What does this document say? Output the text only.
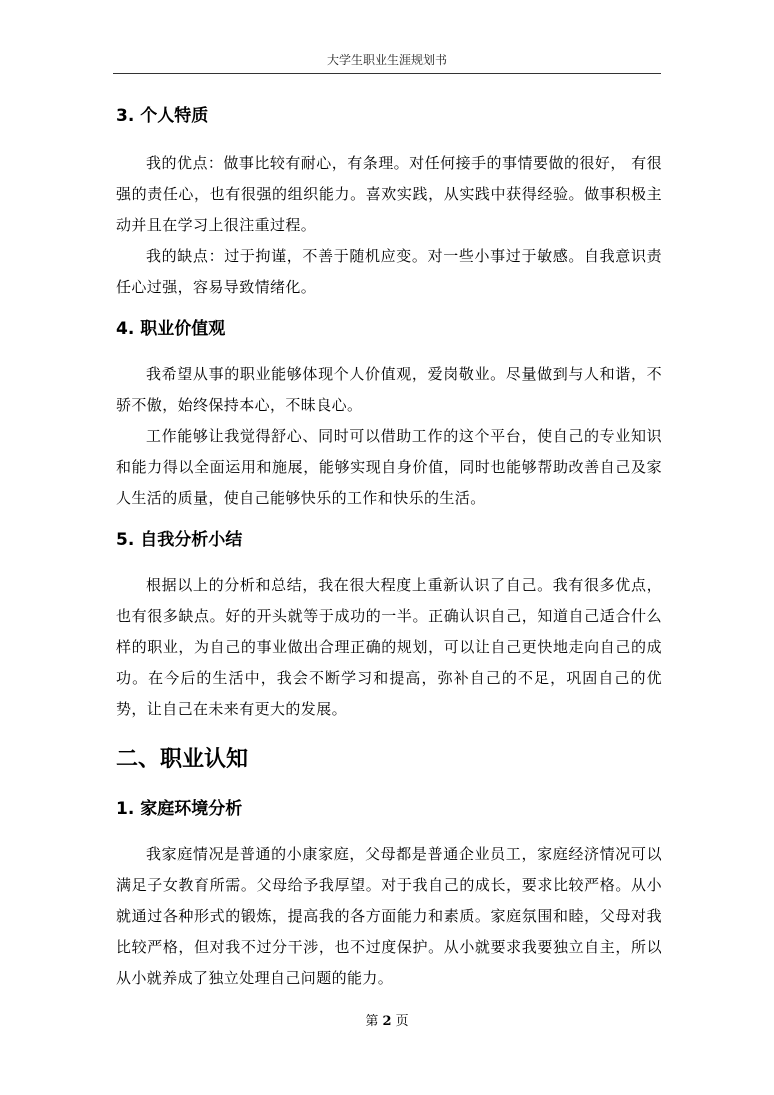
大学生职业生涯规划书
3. 个人特质

我的优点：做事比较有耐心，有条理。对任何接手的事情要做的很好， 有很强的责任心，也有很强的组织能力。喜欢实践，从实践中获得经验。做事积极主动并且在学习上很注重过程。

我的缺点：过于拘谨，不善于随机应变。对一些小事过于敏感。自我意识责任心过强，容易导致情绪化。

4. 职业价值观

我希望从事的职业能够体现个人价值观，爱岗敬业。尽量做到与人和谐，不骄不傲，始终保持本心，不昧良心。

工作能够让我觉得舒心、同时可以借助工作的这个平台，使自己的专业知识和能力得以全面运用和施展，能够实现自身价值，同时也能够帮助改善自己及家人生活的质量，使自己能够快乐的工作和快乐的生活。

5. 自我分析小结

根据以上的分析和总结，我在很大程度上重新认识了自己。我有很多优点，也有很多缺点。好的开头就等于成功的一半。正确认识自己，知道自己适合什么样的职业，为自己的事业做出合理正确的规划，可以让自己更快地走向自己的成功。在今后的生活中，我会不断学习和提高，弥补自己的不足，巩固自己的优势，让自己在未来有更大的发展。

二、职业认知
1. 家庭环境分析

我家庭情况是普通的小康家庭，父母都是普通企业员工，家庭经济情况可以满足子女教育所需。父母给予我厚望。对于我自己的成长，要求比较严格。从小就通过各种形式的锻炼，提高我的各方面能力和素质。家庭氛围和睦，父母对我比较严格，但对我不过分干涉，也不过度保护。从小就要求我要独立自主，所以从小就养成了独立处理自己问题的能力。

第 2 页
